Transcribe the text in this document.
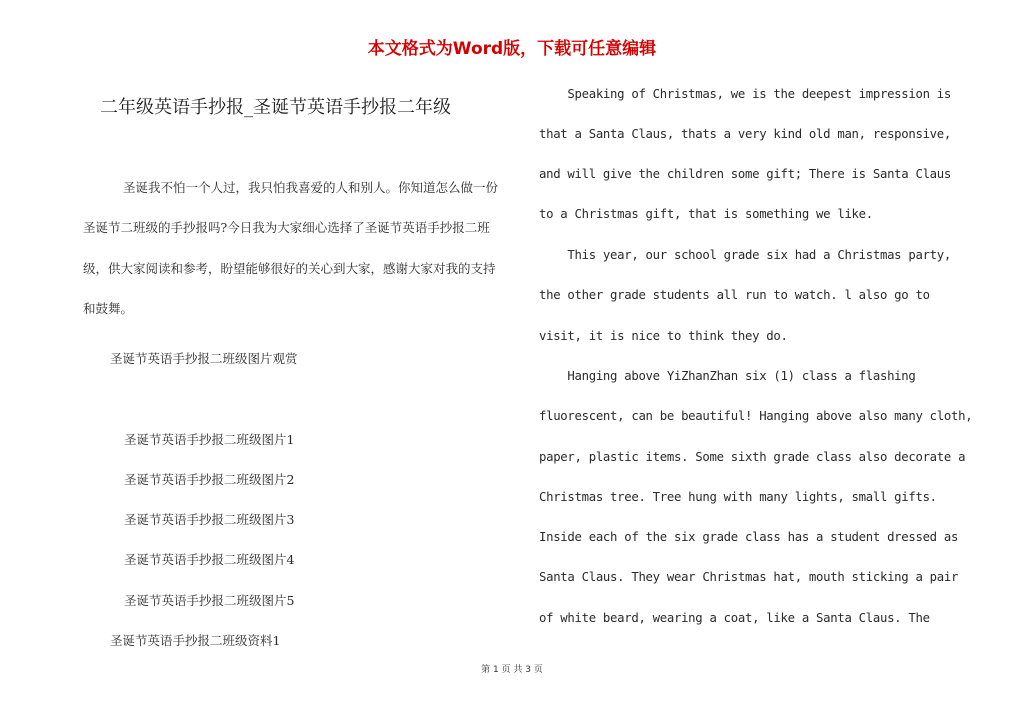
本文格式为Word版，下载可任意编辑
二年级英语手抄报_圣诞节英语手抄报二年级

圣诞我不怕一个人过，我只怕我喜爱的人和别人。你知道怎么做一份圣诞节二班级的手抄报吗?今日我为大家细心选择了圣诞节英语手抄报二班级，供大家阅读和参考，盼望能够很好的关心到大家，感谢大家对我的支持和鼓舞。

圣诞节英语手抄报二班级图片观赏
圣诞节英语手抄报二班级图片1
圣诞节英语手抄报二班级图片2
圣诞节英语手抄报二班级图片3
圣诞节英语手抄报二班级图片4
圣诞节英语手抄报二班级图片5
圣诞节英语手抄报二班级资料1
Speaking of Christmas, we is the deepest impression is
that a Santa Claus, thats a very kind old man, responsive,
and will give the children some gift; There is Santa Claus
to a Christmas gift, that is something we like.
This year, our school grade six had a Christmas party,
the other grade students all run to watch. l also go to
visit, it is nice to think they do.
Hanging above YiZhanZhan six (1) class a flashing
fluorescent, can be beautiful! Hanging above also many cloth,
paper, plastic items. Some sixth grade class also decorate a
Christmas tree. Tree hung with many lights, small gifts.
Inside each of the six grade class has a student dressed as
Santa Claus. They wear Christmas hat, mouth sticking a pair
of white beard, wearing a coat, like a Santa Claus. The
第 1 页 共 3 页
